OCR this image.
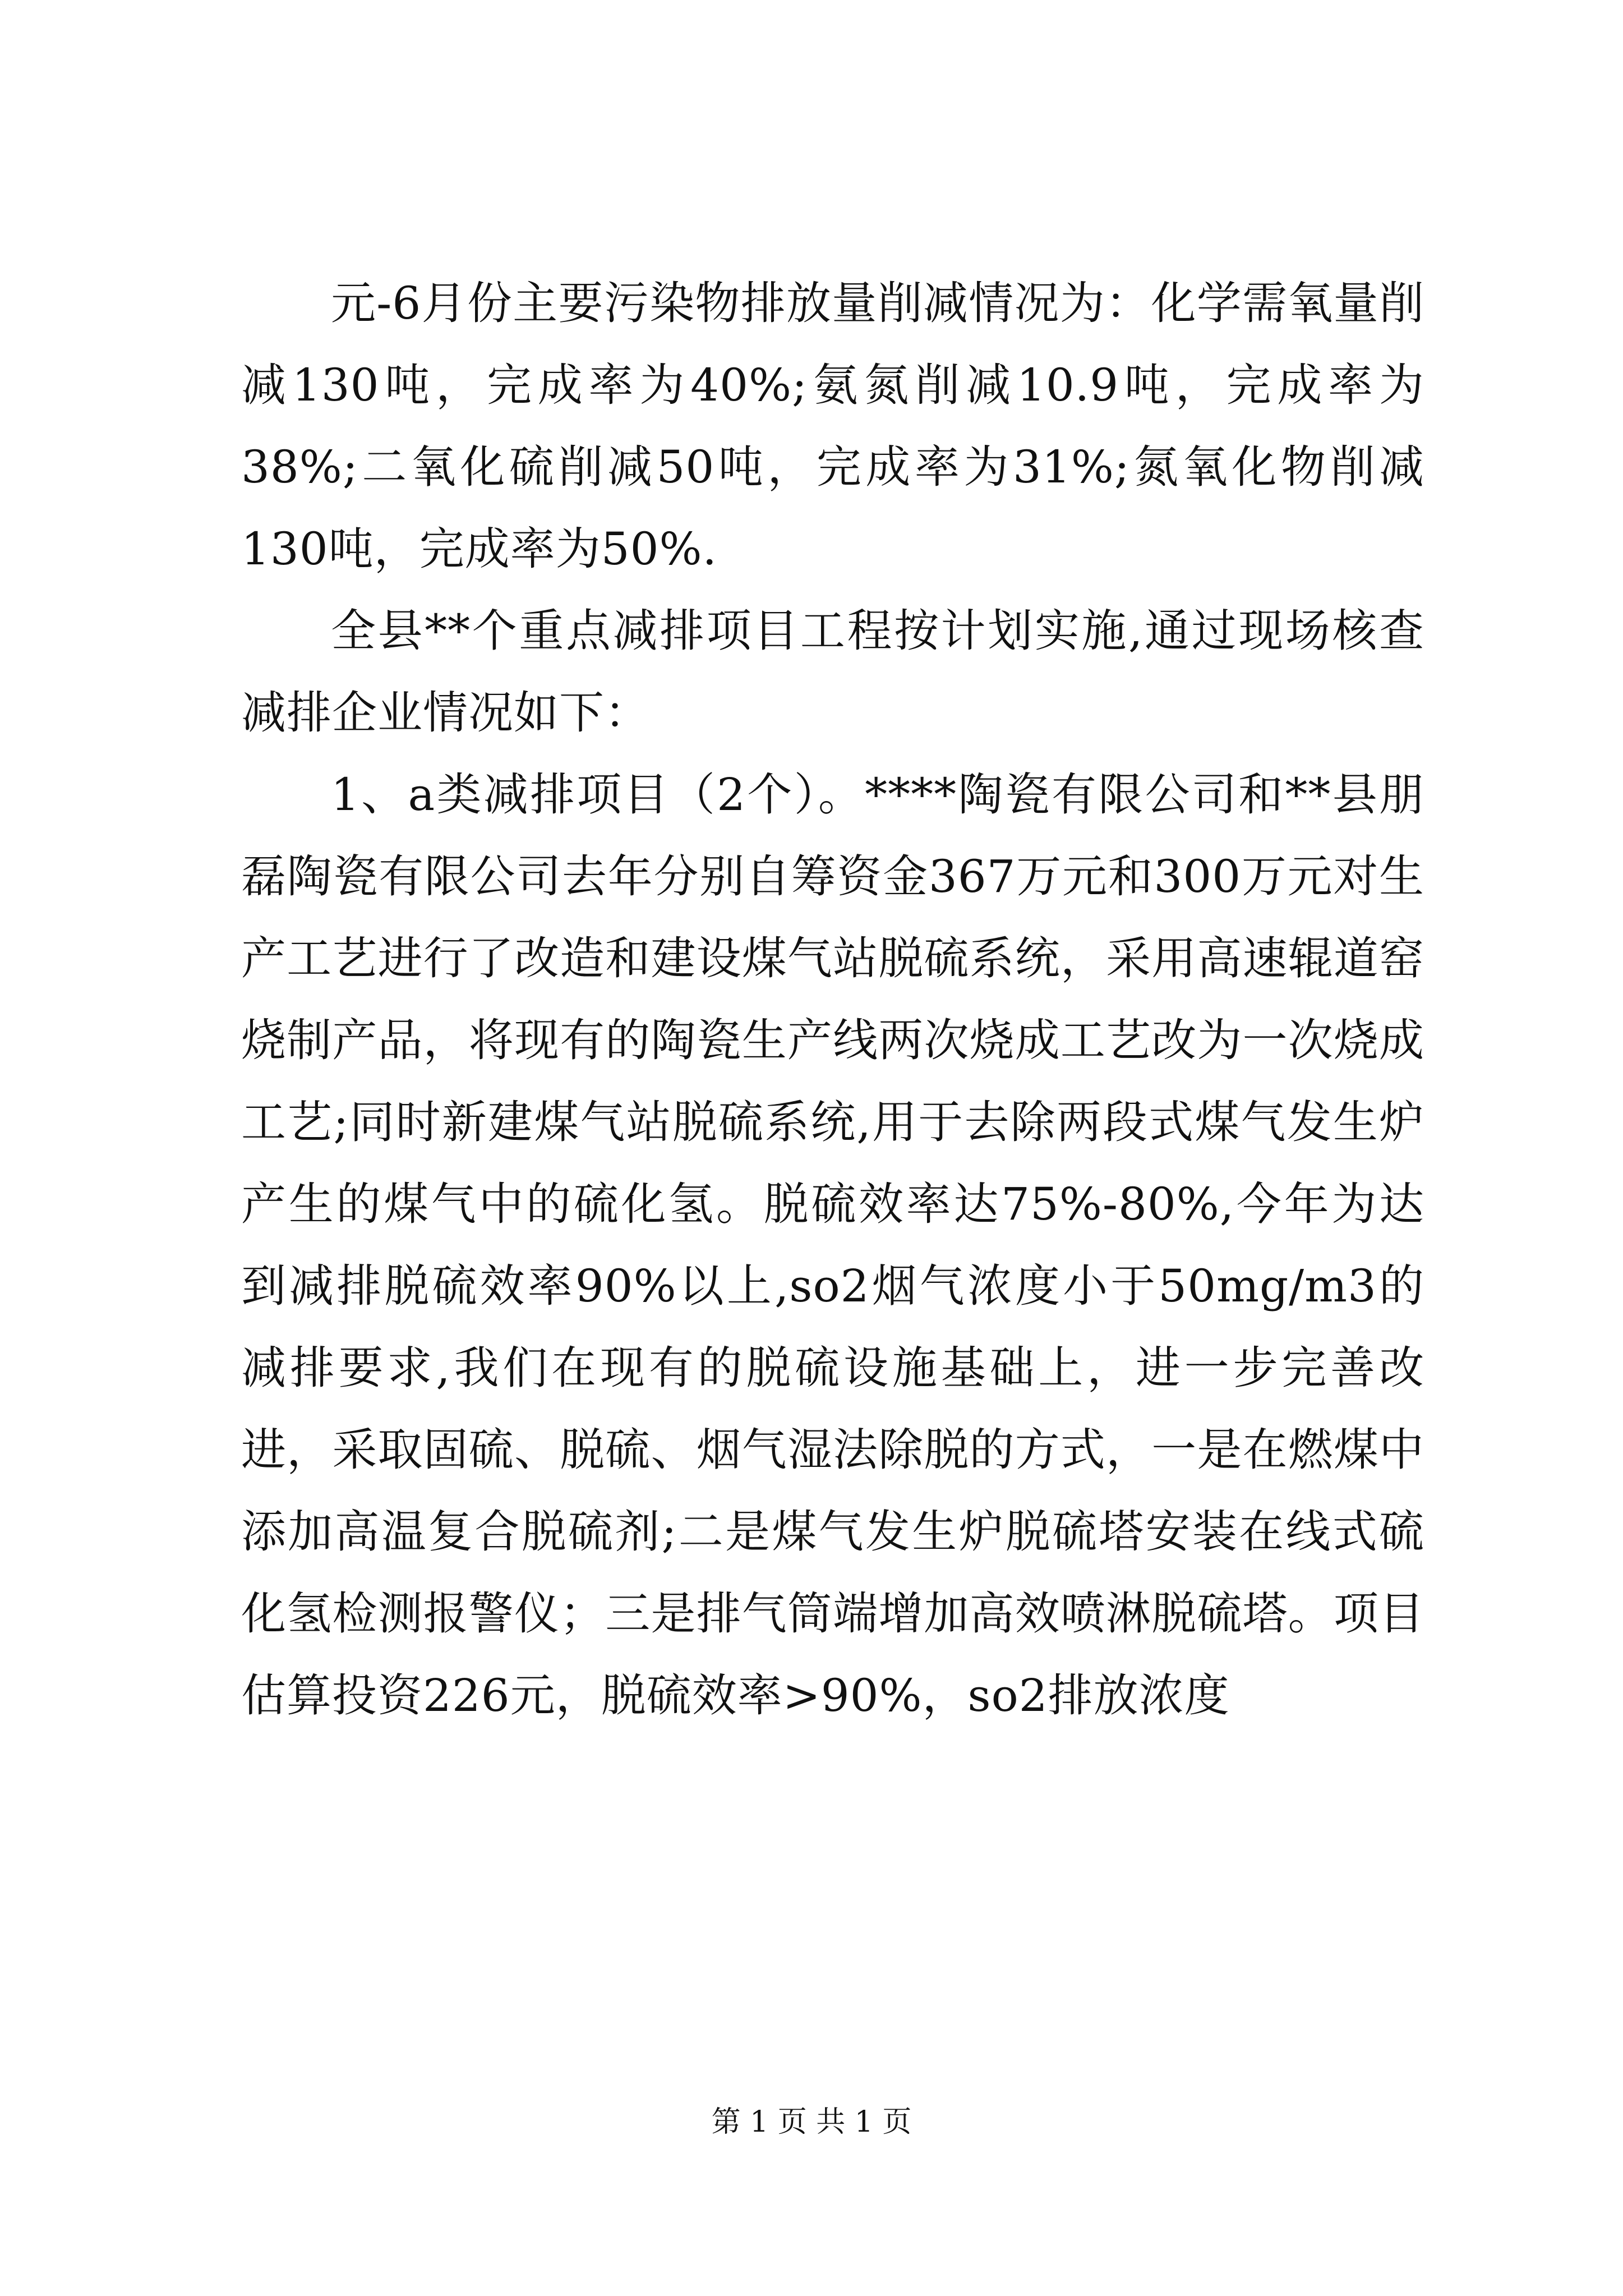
元-6月份主要污染物排放量削减情况为：化学需氧量削减130吨，完成率为40%;氨氮削减10.9吨，完成率为38%;二氧化硫削减50吨，完成率为31%;氮氧化物削减130吨，完成率为50%.

全县**个重点减排项目工程按计划实施,通过现场核查减排企业情况如下：

1、a类减排项目（2个）。****陶瓷有限公司和**县朋磊陶瓷有限公司去年分别自筹资金367万元和300万元对生产工艺进行了改造和建设煤气站脱硫系统，采用高速辊道窑烧制产品，将现有的陶瓷生产线两次烧成工艺改为一次烧成工艺;同时新建煤气站脱硫系统,用于去除两段式煤气发生炉产生的煤气中的硫化氢。脱硫效率达75%-80%,今年为达到减排脱硫效率90%以上,so2烟气浓度小于50mg/m3的减排要求,我们在现有的脱硫设施基础上，进一步完善改进，采取固硫、脱硫、烟气湿法除脱的方式，一是在燃煤中添加高温复合脱硫剂;二是煤气发生炉脱硫塔安装在线式硫化氢检测报警仪；三是排气筒端增加高效喷淋脱硫塔。项目估算投资226元，脱硫效率>90%，so2排放浓度

第 1 页 共 1 页
